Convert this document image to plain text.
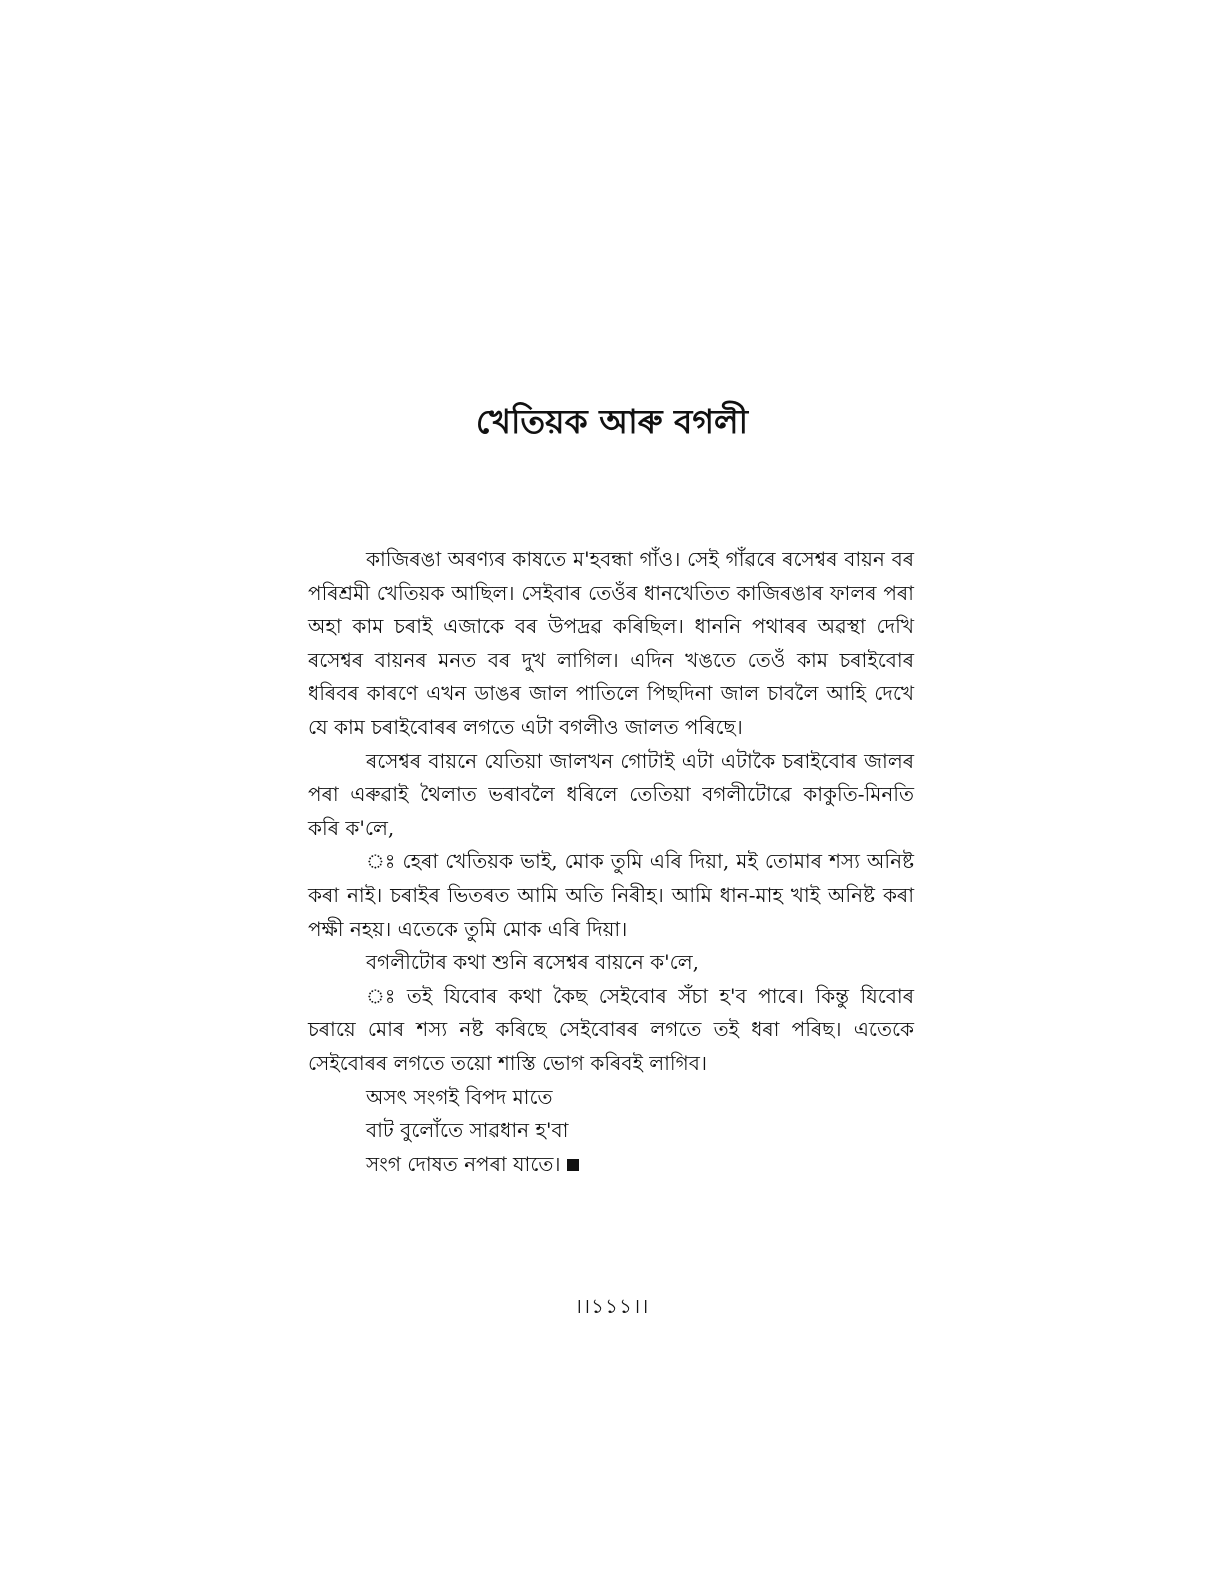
খেতিয়ক আৰু বগলী

কাজিৰঙা অৰণ্যৰ কাষতে ম'হবন্ধা গাঁও। সেই গাঁৱৰে ৰসেশ্বৰ বায়ন বৰ পৰিশ্ৰমী খেতিয়ক আছিল। সেইবাৰ তেওঁৰ ধানখেতিত কাজিৰঙাৰ ফালৰ পৰা অহা কাম চৰাই এজাকে বৰ উপদ্ৰৱ কৰিছিল। ধাননি পথাৰৰ অৱস্থা দেখি ৰসেশ্বৰ বায়নৰ মনত বৰ দুখ লাগিল। এদিন খঙতে তেওঁ কাম চৰাইবোৰ ধৰিবৰ কাৰণে এখন ডাঙৰ জাল পাতিলে পিছদিনা জাল চাবলৈ আহি দেখে যে কাম চৰাইবোৰৰ লগতে এটা বগলীও জালত পৰিছে।

ৰসেশ্বৰ বায়নে যেতিয়া জালখন গোটাই এটা এটাকৈ চৰাইবোৰ জালৰ পৰা এৰুৱাই থৈলাত ভৰাবলৈ ধৰিলে তেতিয়া বগলীটোৱে কাকুতি-মিনতি কৰি ক'লে,

ঃ হেৰা খেতিয়ক ভাই, মোক তুমি এৰি দিয়া, মই তোমাৰ শস্য অনিষ্ট কৰা নাই। চৰাইৰ ভিতৰত আমি অতি নিৰীহ। আমি ধান-মাহ খাই অনিষ্ট কৰা পক্ষী নহয়। এতেকে তুমি মোক এৰি দিয়া।

বগলীটোৰ কথা শুনি ৰসেশ্বৰ বায়নে ক'লে,

ঃ তই যিবোৰ কথা কৈছ সেইবোৰ সঁচা হ'ব পাৰে। কিন্তু যিবোৰ চৰায়ে মোৰ শস্য নষ্ট কৰিছে সেইবোৰৰ লগতে তই ধৰা পৰিছ। এতেকে সেইবোৰৰ লগতে তয়ো শাস্তি ভোগ কৰিবই লাগিব।

অসৎ সংগই বিপদ মাতে
বাট বুলোঁতে সাৱধান হ'বা
সংগ দোষত নপৰা যাতে।
।।১১১।।
